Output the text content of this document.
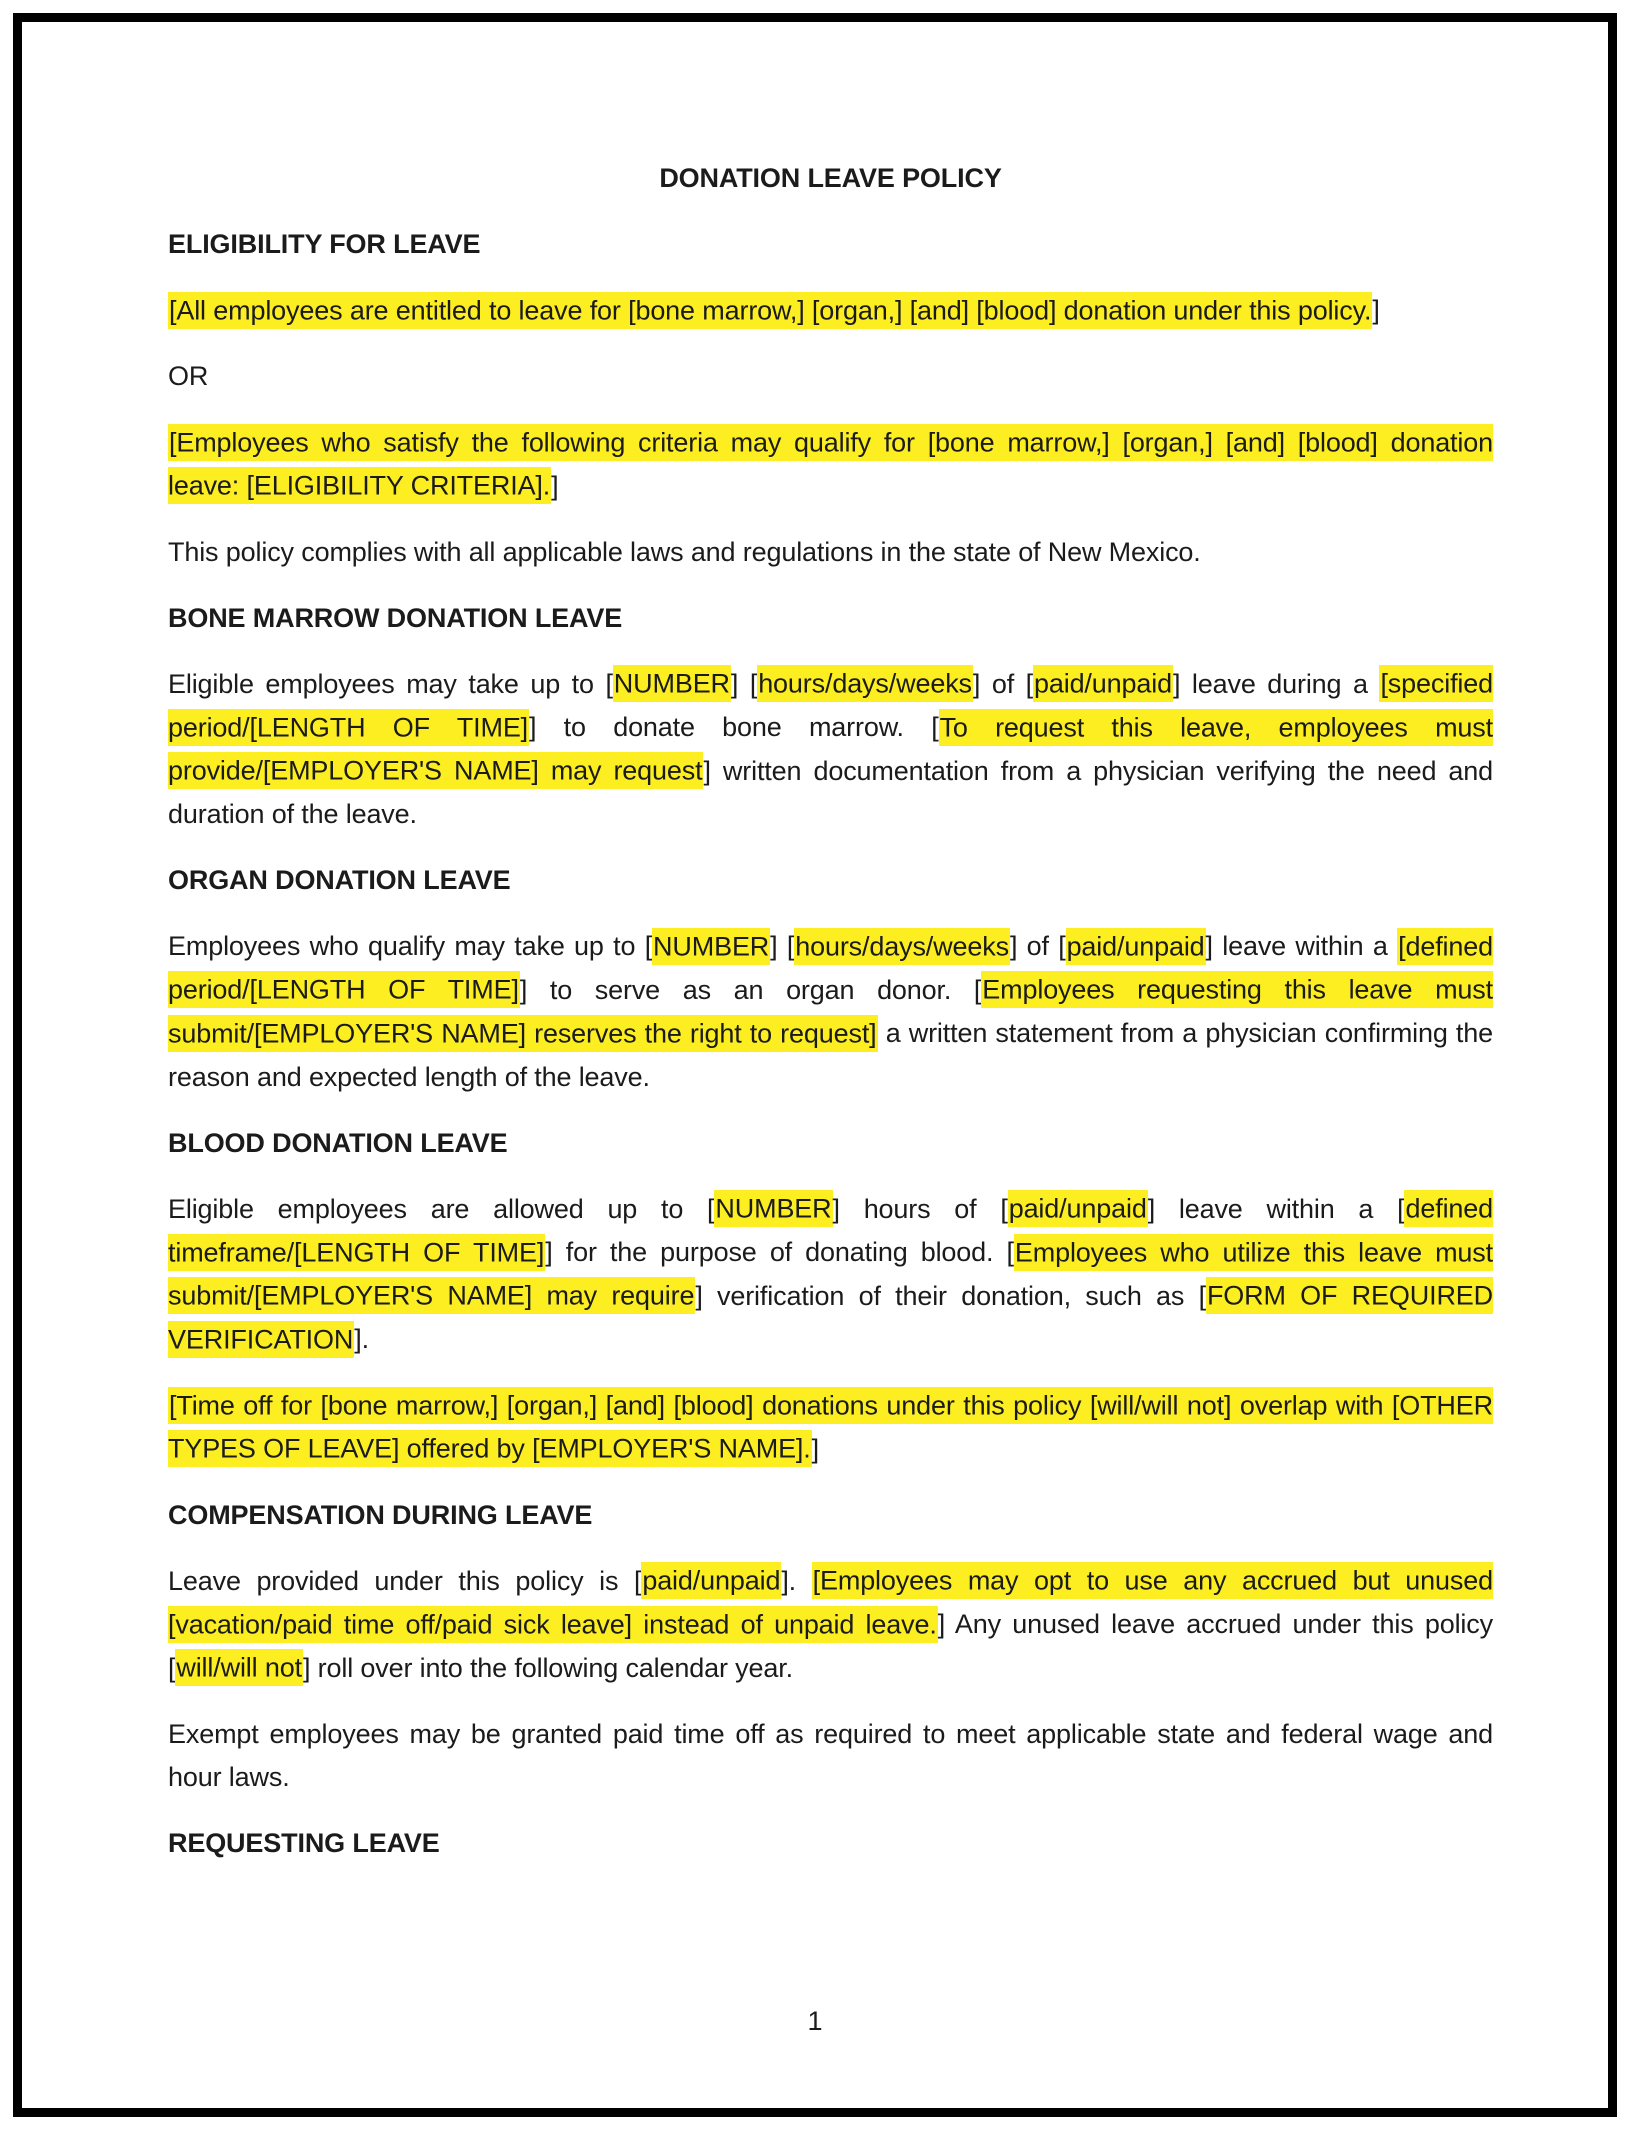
DONATION LEAVE POLICY
ELIGIBILITY FOR LEAVE

[All employees are entitled to leave for [bone marrow,] [organ,] [and] [blood] donation under this policy.]

OR

[Employees who satisfy the following criteria may qualify for [bone marrow,] [organ,] [and] [blood] donation leave: [ELIGIBILITY CRITERIA].]

This policy complies with all applicable laws and regulations in the state of New Mexico.

BONE MARROW DONATION LEAVE

Eligible employees may take up to [NUMBER] [hours/days/weeks] of [paid/unpaid] leave during a [specified period/[LENGTH OF TIME]] to donate bone marrow. [To request this leave, employees must provide/[EMPLOYER'S NAME] may request] written documentation from a physician verifying the need and duration of the leave.

ORGAN DONATION LEAVE

Employees who qualify may take up to [NUMBER] [hours/days/weeks] of [paid/unpaid] leave within a [defined period/[LENGTH OF TIME]] to serve as an organ donor. [Employees requesting this leave must submit/[EMPLOYER'S NAME] reserves the right to request] a written statement from a physician confirming the reason and expected length of the leave.

BLOOD DONATION LEAVE

Eligible employees are allowed up to [NUMBER] hours of [paid/unpaid] leave within a [defined timeframe/[LENGTH OF TIME]] for the purpose of donating blood. [Employees who utilize this leave must submit/[EMPLOYER'S NAME] may require] verification of their donation, such as [FORM OF REQUIRED VERIFICATION].

[Time off for [bone marrow,] [organ,] [and] [blood] donations under this policy [will/will not] overlap with [OTHER TYPES OF LEAVE] offered by [EMPLOYER'S NAME].]

COMPENSATION DURING LEAVE

Leave provided under this policy is [paid/unpaid]. [Employees may opt to use any accrued but unused [vacation/paid time off/paid sick leave] instead of unpaid leave.] Any unused leave accrued under this policy [will/will not] roll over into the following calendar year.

Exempt employees may be granted paid time off as required to meet applicable state and federal wage and hour laws.

REQUESTING LEAVE
1
